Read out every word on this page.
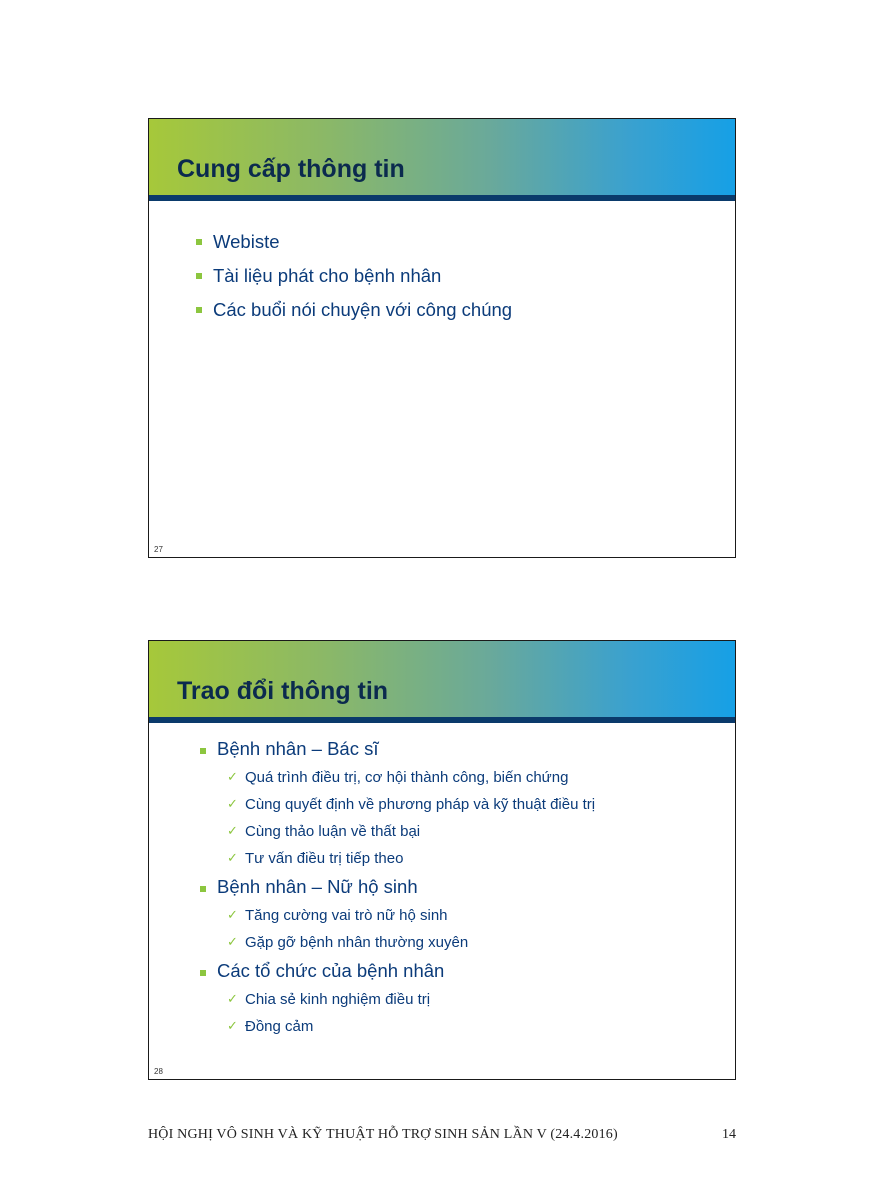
Cung cấp thông tin
Webiste
Tài liệu phát cho bệnh nhân
Các buổi nói chuyện với công chúng
27
Trao đổi thông tin
Bệnh nhân – Bác sĩ
✓ Quá trình điều trị, cơ hội thành công, biến chứng
✓ Cùng quyết định về phương pháp và kỹ thuật điều trị
✓ Cùng thảo luận về thất bại
✓ Tư vấn điều trị tiếp theo
Bệnh nhân – Nữ hộ sinh
✓ Tăng cường vai trò nữ hộ sinh
✓ Gặp gỡ bệnh nhân thường xuyên
Các tổ chức của bệnh nhân
✓ Chia sẻ kinh nghiệm điều trị
✓ Đồng cảm
28
HỘI NGHỊ VÔ SINH VÀ KỸ THUẬT HỖ TRỢ SINH SẢN LẦN V (24.4.2016)	14
